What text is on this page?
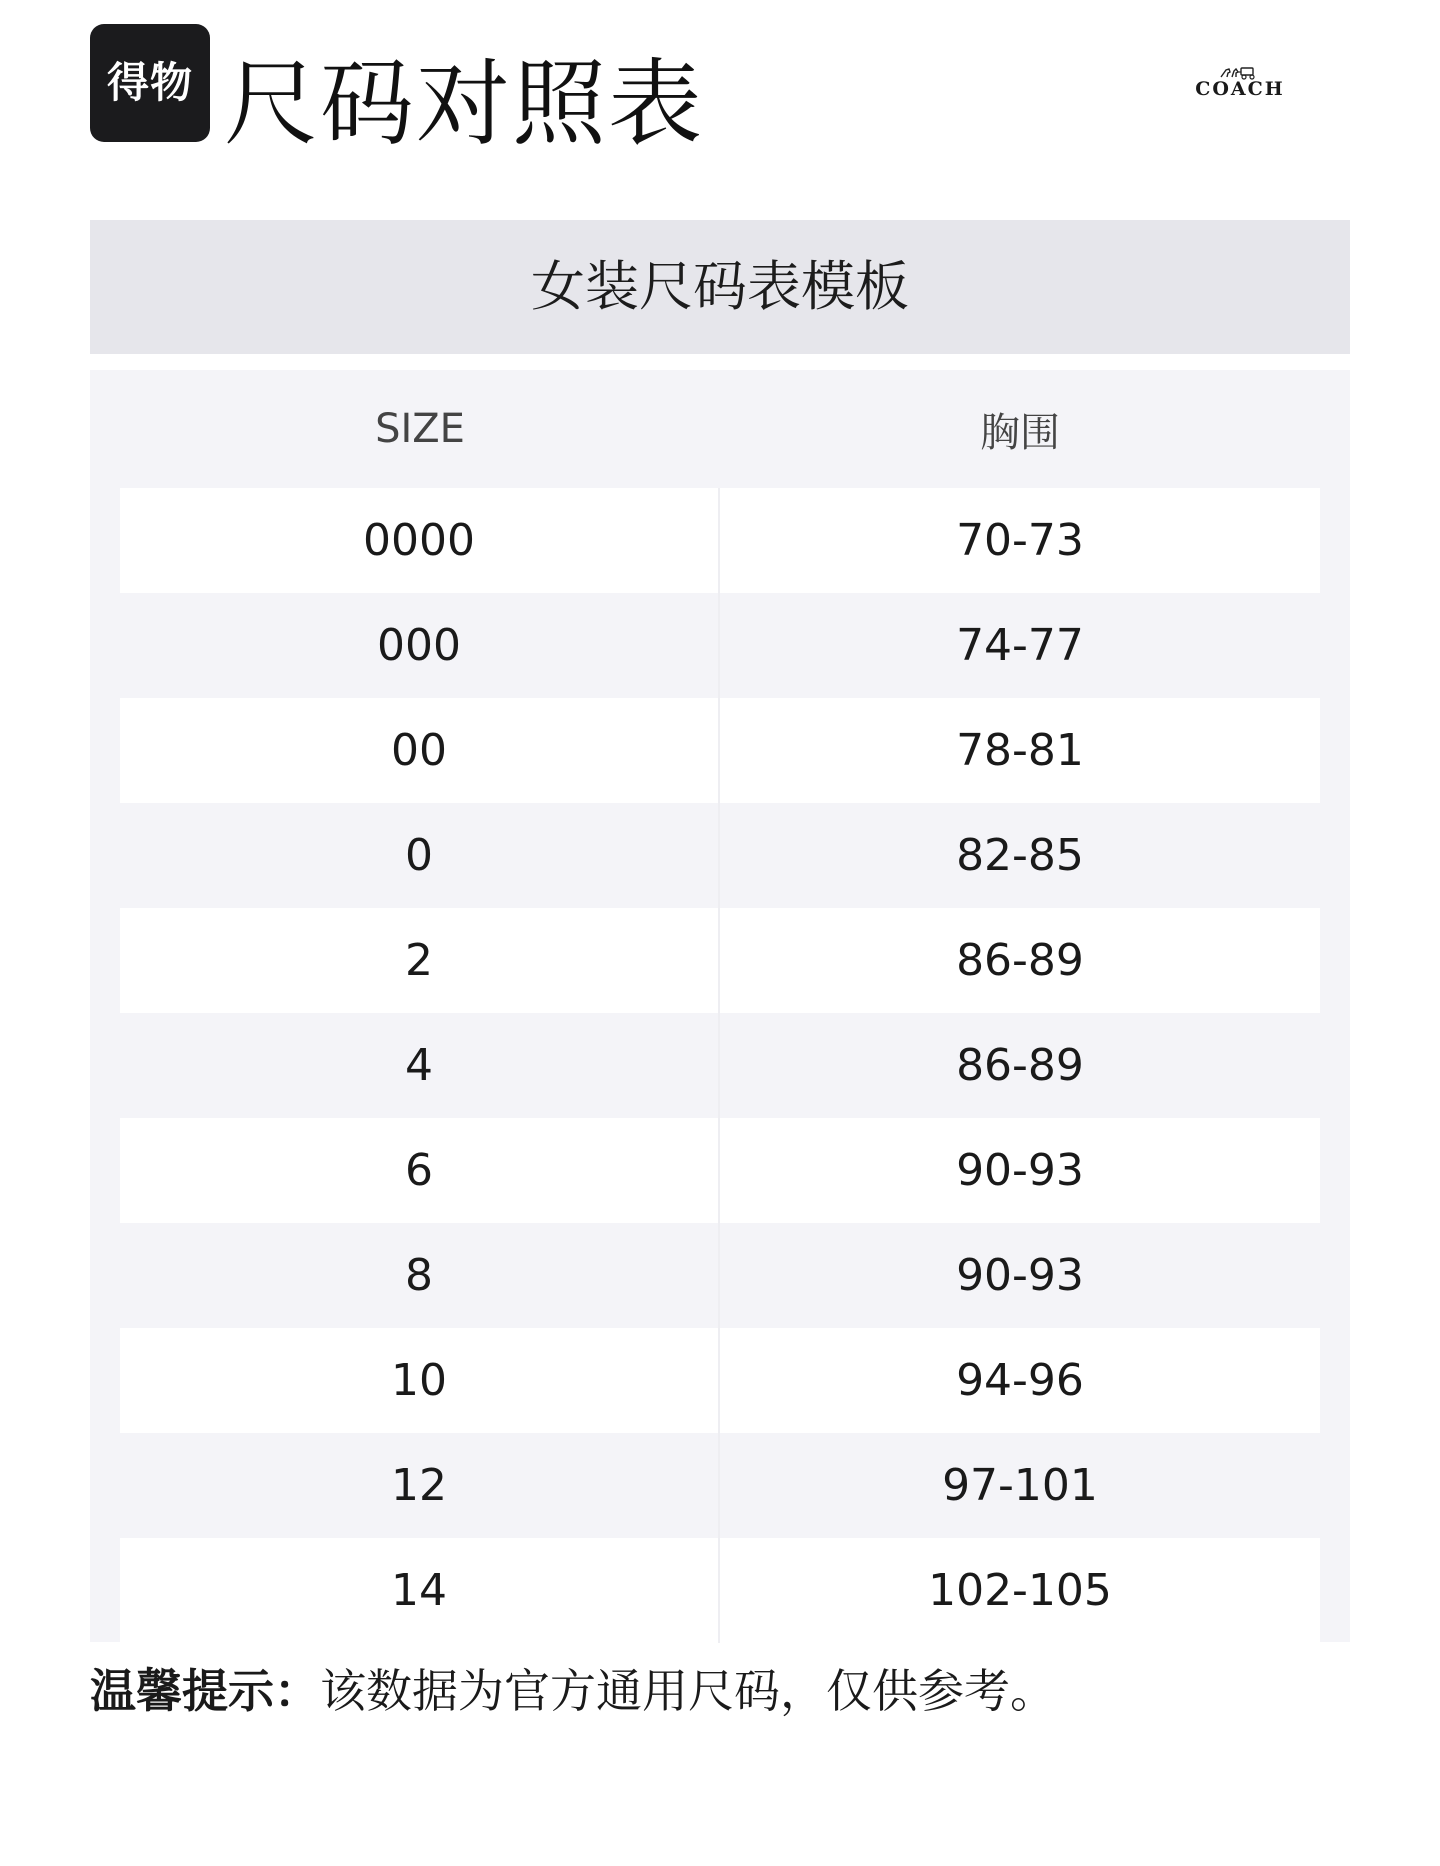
得物 尺码对照表	COACH
女装尺码表模板
SIZE	胸围
0000	70-73
000	74-77
00	78-81
0	82-85
2	86-89
4	86-89
6	90-93
8	90-93
10	94-96
12	97-101
14	102-105
温馨提示：该数据为官方通用尺码，仅供参考。
